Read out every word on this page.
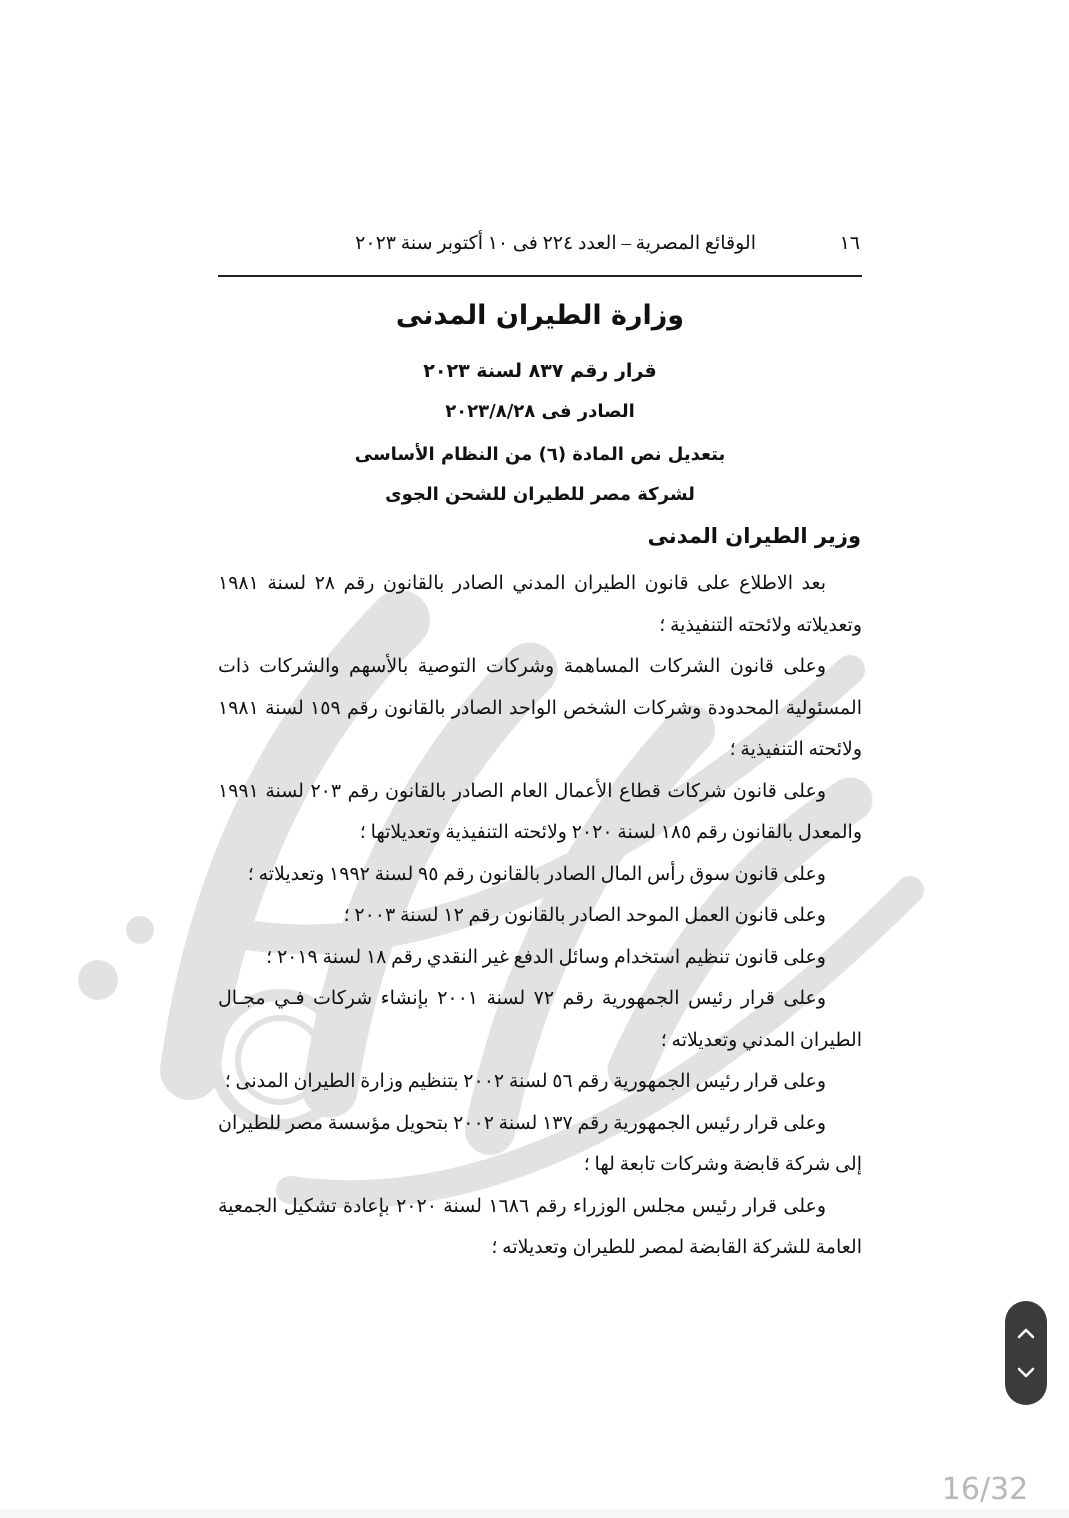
١٦
الوقائع المصرية – العدد ٢٢٤ فى ١٠ أكتوبر سنة ٢٠٢٣
وزارة الطيران المدنى
قرار رقم ٨٣٧ لسنة ٢٠٢٣
الصادر فى ٢٠٢٣/٨/٢٨
بتعديل نص المادة (٦) من النظام الأساسى
لشركة مصر للطيران للشحن الجوى
وزير الطيران المدنى

بعد الاطلاع على قانون الطيران المدني الصادر بالقانون رقم ٢٨ لسنة ١٩٨١ وتعديلاته ولائحته التنفيذية ؛

وعلى قانون الشركات المساهمة وشركات التوصية بالأسهم والشركات ذات المسئولية المحدودة وشركات الشخص الواحد الصادر بالقانون رقم ١٥٩ لسنة ١٩٨١ ولائحته التنفيذية ؛

وعلى قانون شركات قطاع الأعمال العام الصادر بالقانون رقم ٢٠٣ لسنة ١٩٩١ والمعدل بالقانون رقم ١٨٥ لسنة ٢٠٢٠ ولائحته التنفيذية وتعديلاتها ؛

وعلى قانون سوق رأس المال الصادر بالقانون رقم ٩٥ لسنة ١٩٩٢ وتعديلاته ؛

وعلى قانون العمل الموحد الصادر بالقانون رقم ١٢ لسنة ٢٠٠٣ ؛

وعلى قانون تنظيم استخدام وسائل الدفع غير النقدي رقم ١٨ لسنة ٢٠١٩ ؛

وعلى قرار رئيس الجمهورية رقم ٧٢ لسنة ٢٠٠١ بإنشاء شركات فـي مجـال الطيران المدني وتعديلاته ؛

وعلى قرار رئيس الجمهورية رقم ٥٦ لسنة ٢٠٠٢ بتنظيم وزارة الطيران المدنى ؛

وعلى قرار رئيس الجمهورية رقم ١٣٧ لسنة ٢٠٠٢ بتحويل مؤسسة مصر للطيران إلى شركة قابضة وشركات تابعة لها ؛

وعلى قرار رئيس مجلس الوزراء رقم ١٦٨٦ لسنة ٢٠٢٠ بإعادة تشكيل الجمعية العامة للشركة القابضة لمصر للطيران وتعديلاته ؛

16/32
